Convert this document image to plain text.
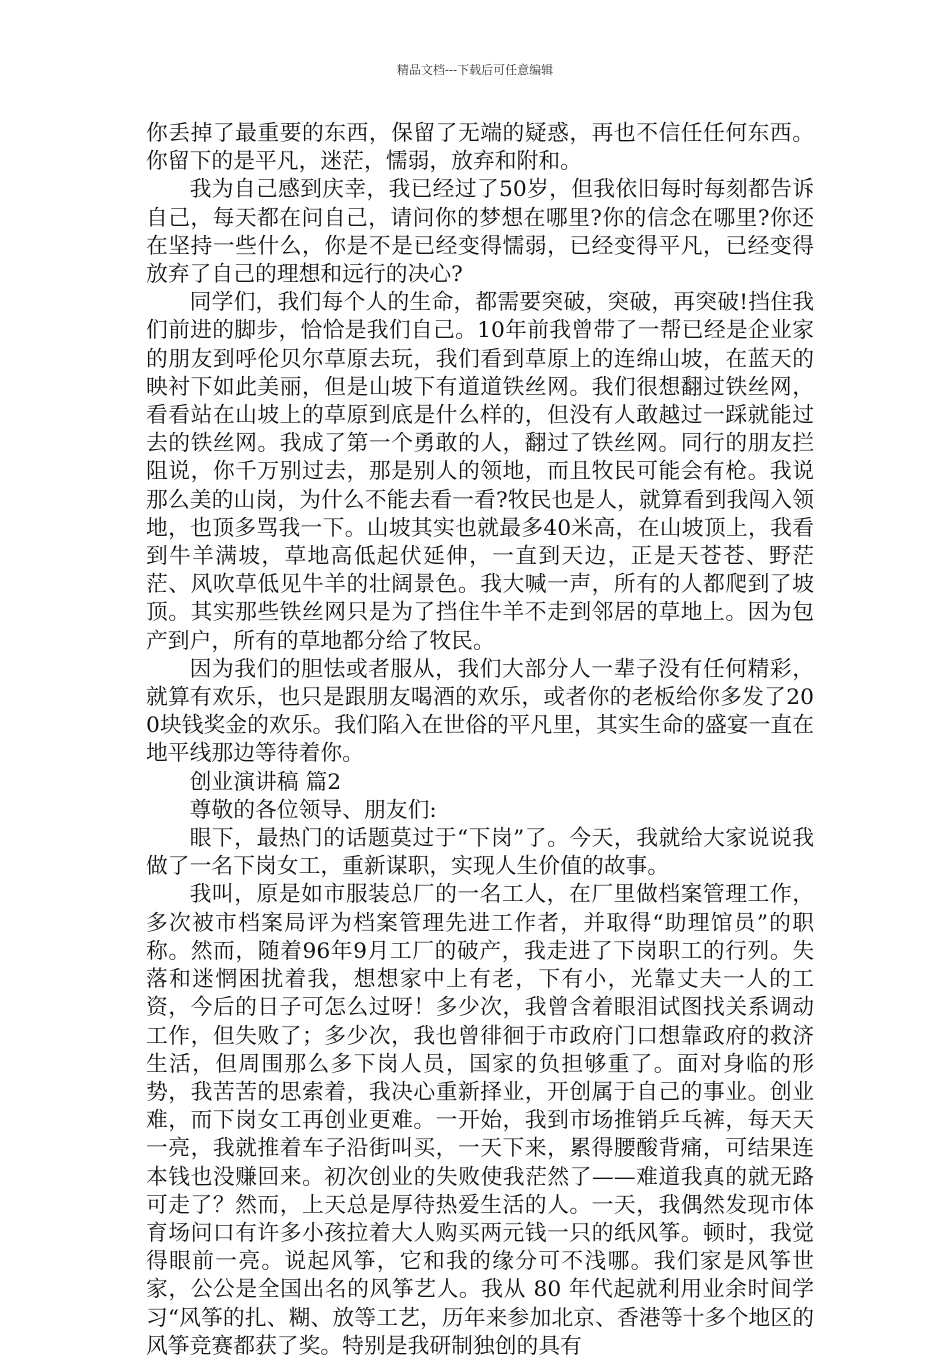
精品文档---下载后可任意编辑

你丢掉了最重要的东西，保留了无端的疑惑，再也不信任任何东西。你留下的是平凡，迷茫，懦弱，放弃和附和。

我为自己感到庆幸，我已经过了50岁，但我依旧每时每刻都告诉自己，每天都在问自己，请问你的梦想在哪里?你的信念在哪里?你还在坚持一些什么，你是不是已经变得懦弱，已经变得平凡，已经变得放弃了自己的理想和远行的决心?

同学们，我们每个人的生命，都需要突破，突破，再突破!挡住我们前进的脚步，恰恰是我们自己。10年前我曾带了一帮已经是企业家的朋友到呼伦贝尔草原去玩，我们看到草原上的连绵山坡，在蓝天的映衬下如此美丽，但是山坡下有道道铁丝网。我们很想翻过铁丝网，看看站在山坡上的草原到底是什么样的，但没有人敢越过一踩就能过去的铁丝网。我成了第一个勇敢的人，翻过了铁丝网。同行的朋友拦阻说，你千万别过去，那是别人的领地，而且牧民可能会有枪。我说那么美的山岗，为什么不能去看一看?牧民也是人，就算看到我闯入领地，也顶多骂我一下。山坡其实也就最多40米高，在山坡顶上，我看到牛羊满坡，草地高低起伏延伸，一直到天边，正是天苍苍、野茫茫、风吹草低见牛羊的壮阔景色。我大喊一声，所有的人都爬到了坡顶。其实那些铁丝网只是为了挡住牛羊不走到邻居的草地上。因为包产到户，所有的草地都分给了牧民。

因为我们的胆怯或者服从，我们大部分人一辈子没有任何精彩，就算有欢乐，也只是跟朋友喝酒的欢乐，或者你的老板给你多发了200块钱奖金的欢乐。我们陷入在世俗的平凡里，其实生命的盛宴一直在地平线那边等待着你。

创业演讲稿 篇2

尊敬的各位领导、朋友们:

眼下，最热门的话题莫过于“下岗”了。今天，我就给大家说说我做了一名下岗女工，重新谋职，实现人生价值的故事。

我叫，原是如市服装总厂的一名工人，在厂里做档案管理工作，多次被市档案局评为档案管理先进工作者，并取得“助理馆员”的职称。然而，随着96年9月工厂的破产，我走进了下岗职工的行列。失落和迷惘困扰着我，想想家中上有老，下有小，光靠丈夫一人的工资，今后的日子可怎么过呀！多少次，我曾含着眼泪试图找关系调动工作，但失败了；多少次，我也曾徘徊于市政府门口想靠政府的救济生活，但周围那么多下岗人员，国家的负担够重了。面对身临的形势，我苦苦的思索着，我决心重新择业，开创属于自己的事业。创业难，而下岗女工再创业更难。一开始，我到市场推销乒乓裤，每天天一亮，我就推着车子沿街叫买，一天下来，累得腰酸背痛，可结果连本钱也没赚回来。初次创业的失败使我茫然了——难道我真的就无路可走了？然而，上天总是厚待热爱生活的人。一天，我偶然发现市体育场问口有许多小孩拉着大人购买两元钱一只的纸风筝。顿时，我觉得眼前一亮。说起风筝，它和我的缘分可不浅哪。我们家是风筝世家，公公是全国出名的风筝艺人。我从 80 年代起就利用业余时间学习“风筝的扎、糊、放等工艺，历年来参加北京、香港等十多个地区的风筝竞赛都获了奖。特别是我研制独创的具有
